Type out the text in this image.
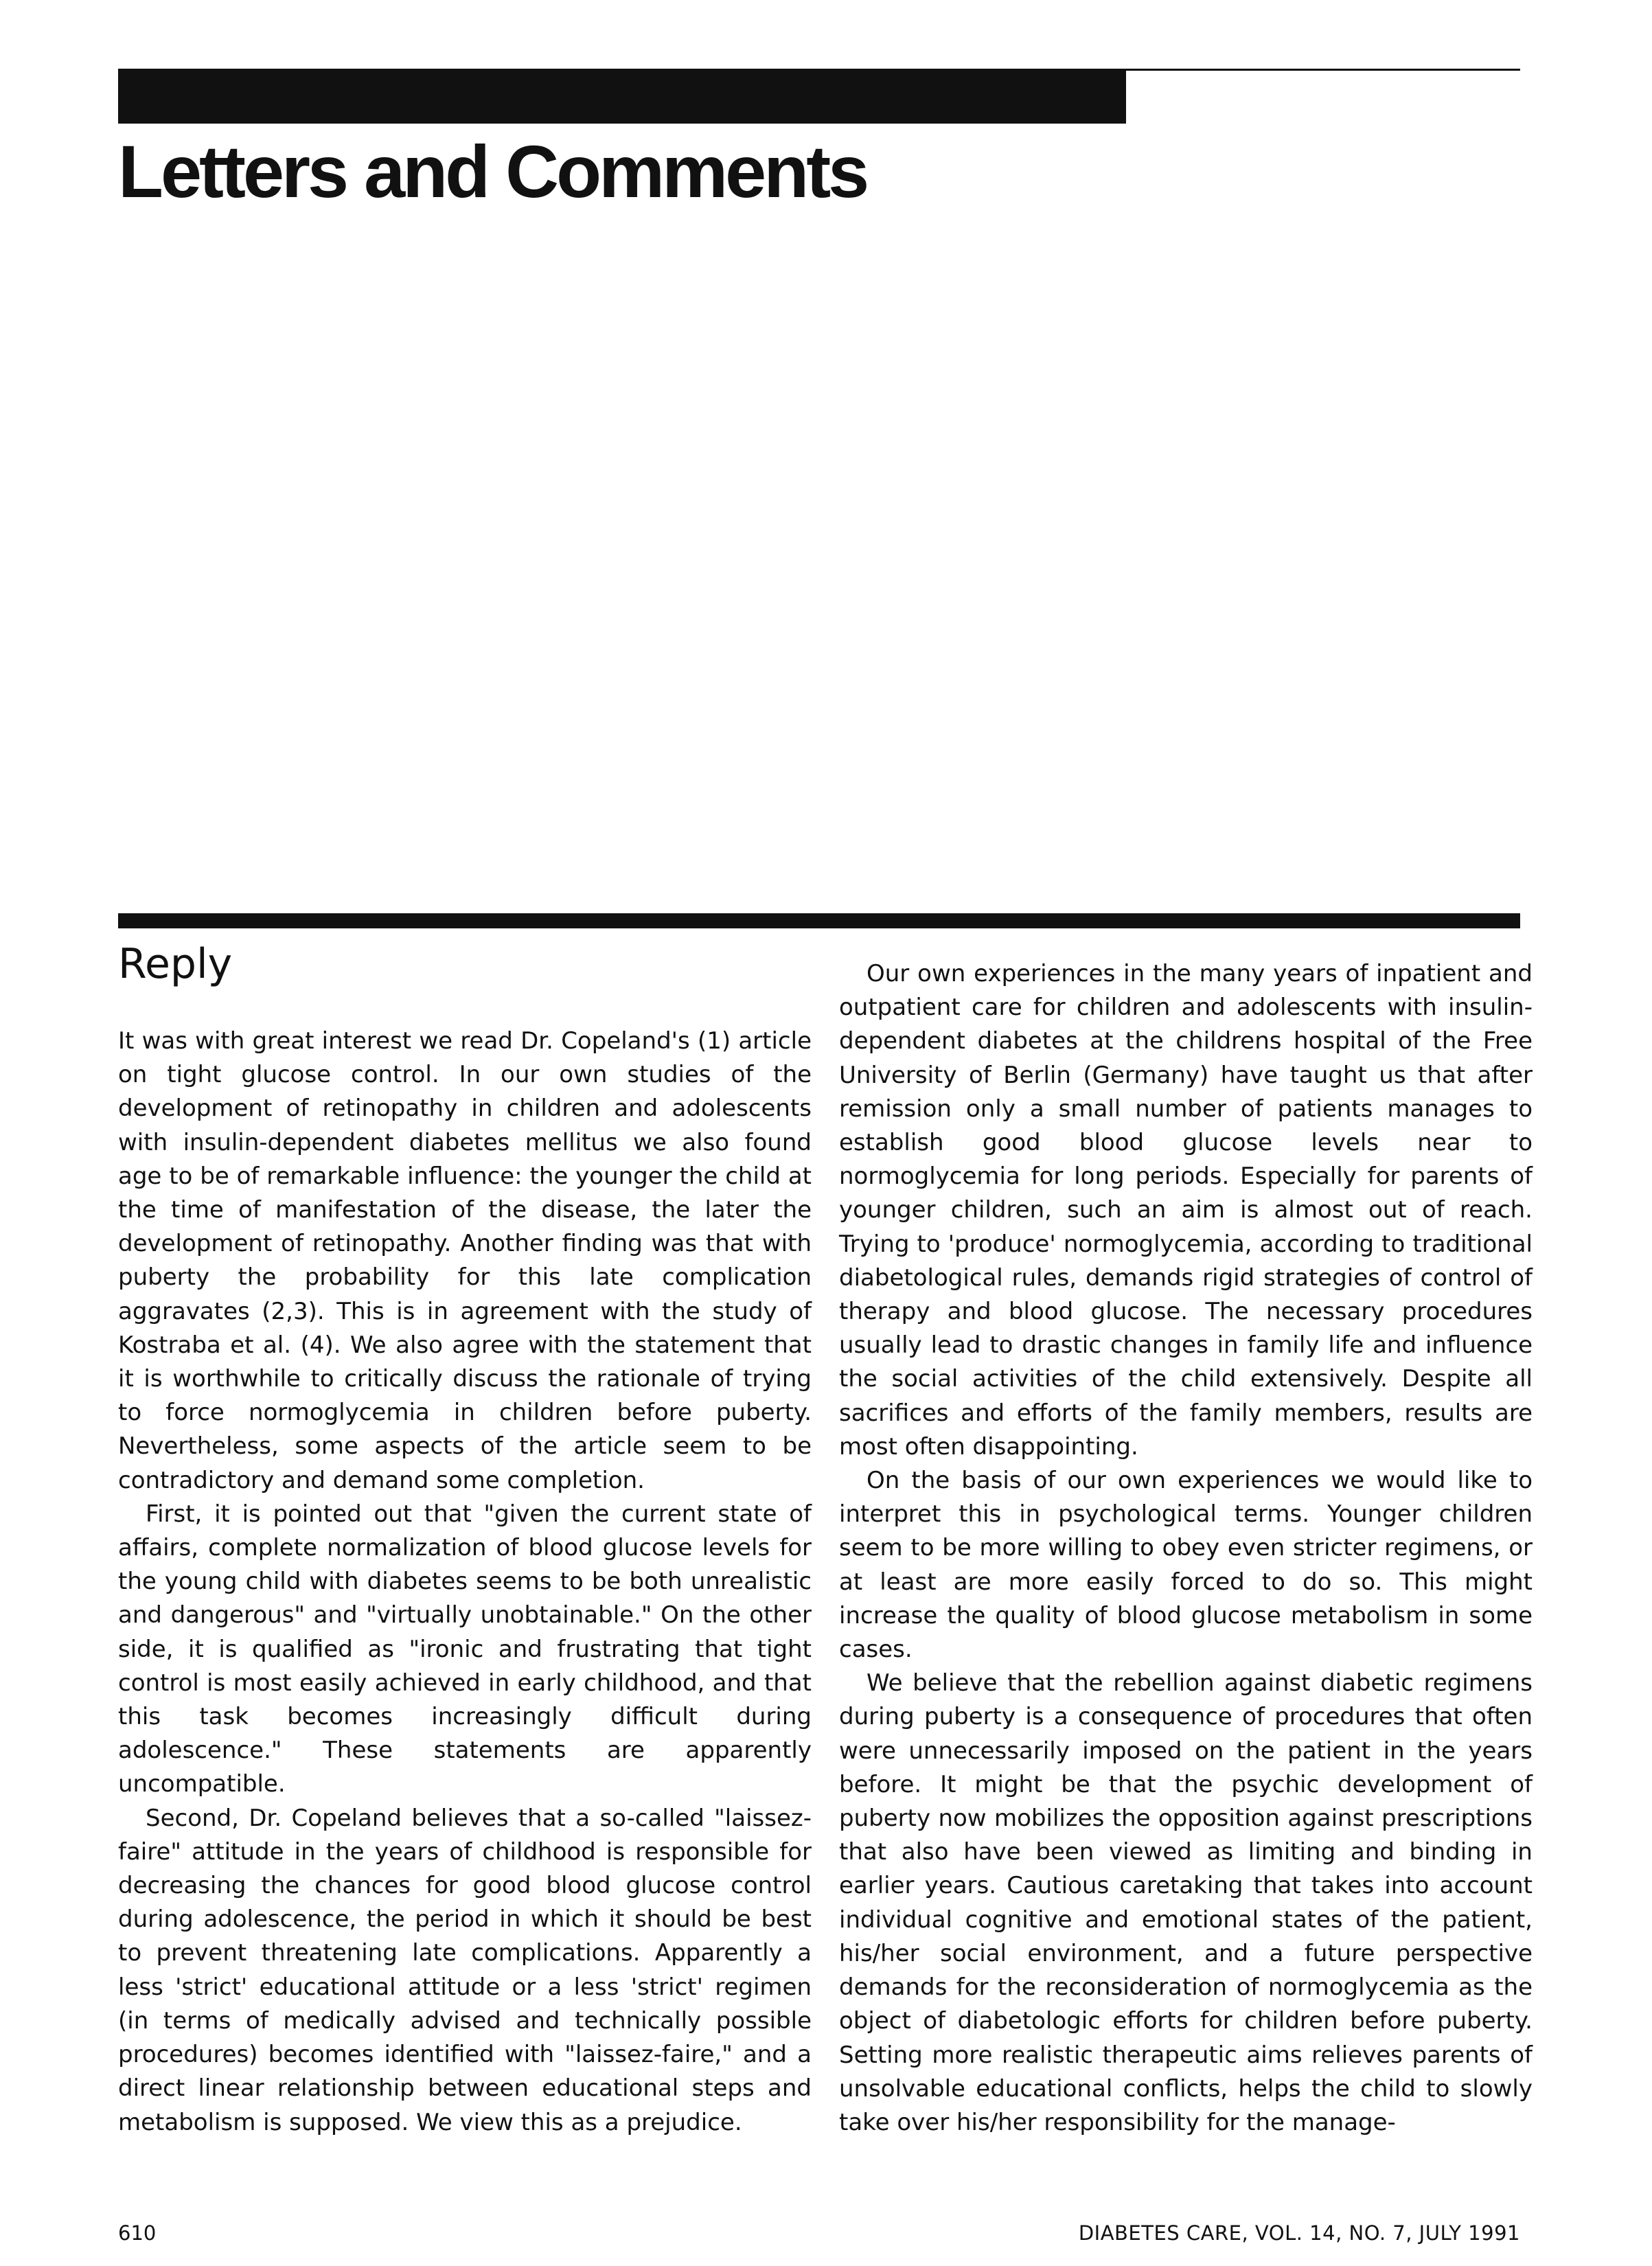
Letters and Comments
Reply

It was with great interest we read Dr. Copeland's (1) article on tight glucose control. In our own studies of the development of retinopathy in children and adolescents with insulin-dependent diabetes mellitus we also found age to be of remarkable influence: the younger the child at the time of manifestation of the disease, the later the development of retinopathy. Another finding was that with puberty the probability for this late complication aggravates (2,3). This is in agreement with the study of Kostraba et al. (4). We also agree with the statement that it is worthwhile to critically discuss the rationale of trying to force normoglycemia in children before puberty. Nevertheless, some aspects of the article seem to be contradictory and demand some completion.

First, it is pointed out that "given the current state of affairs, complete normalization of blood glucose levels for the young child with diabetes seems to be both unrealistic and dangerous" and "virtually unobtainable." On the other side, it is qualified as "ironic and frustrating that tight control is most easily achieved in early childhood, and that this task becomes increasingly difficult during adolescence." These statements are apparently uncompatible.

Second, Dr. Copeland believes that a so-called "laissez-faire" attitude in the years of childhood is responsible for decreasing the chances for good blood glucose control during adolescence, the period in which it should be best to prevent threatening late complications. Apparently a less 'strict' educational attitude or a less 'strict' regimen (in terms of medically advised and technically possible procedures) becomes identified with "laissez-faire," and a direct linear relationship between educational steps and metabolism is supposed. We view this as a prejudice.

Our own experiences in the many years of inpatient and outpatient care for children and adolescents with insulin-dependent diabetes at the childrens hospital of the Free University of Berlin (Germany) have taught us that after remission only a small number of patients manages to establish good blood glucose levels near to normoglycemia for long periods. Especially for parents of younger children, such an aim is almost out of reach. Trying to 'produce' normoglycemia, according to traditional diabetological rules, demands rigid strategies of control of therapy and blood glucose. The necessary procedures usually lead to drastic changes in family life and influence the social activities of the child extensively. Despite all sacrifices and efforts of the family members, results are most often disappointing.

On the basis of our own experiences we would like to interpret this in psychological terms. Younger children seem to be more willing to obey even stricter regimens, or at least are more easily forced to do so. This might increase the quality of blood glucose metabolism in some cases.

We believe that the rebellion against diabetic regimens during puberty is a consequence of procedures that often were unnecessarily imposed on the patient in the years before. It might be that the psychic development of puberty now mobilizes the opposition against prescriptions that also have been viewed as limiting and binding in earlier years. Cautious caretaking that takes into account individual cognitive and emotional states of the patient, his/her social environment, and a future perspective demands for the reconsideration of normoglycemia as the object of diabetologic efforts for children before puberty. Setting more realistic therapeutic aims relieves parents of unsolvable educational conflicts, helps the child to slowly take over his/her responsibility for the manage-

610	DIABETES CARE, VOL. 14, NO. 7, JULY 1991
